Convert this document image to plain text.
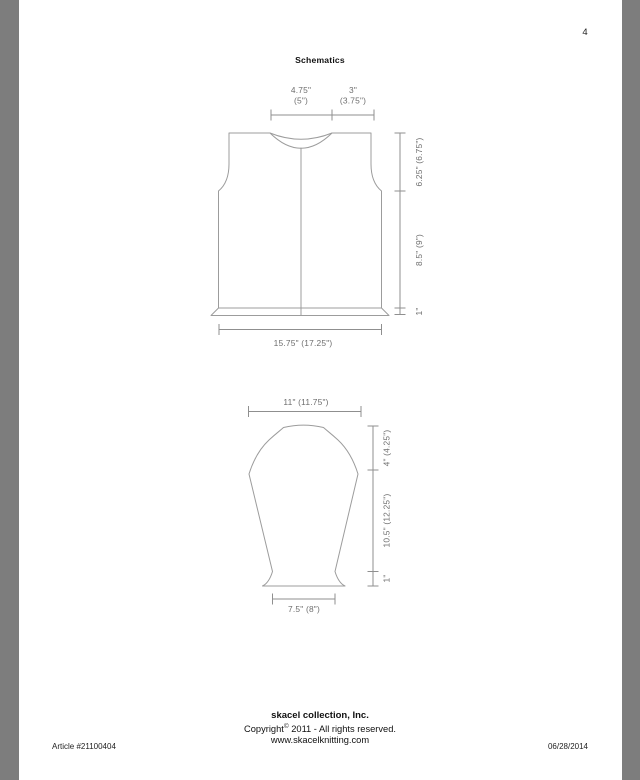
4
Schematics
4.75"
(5")
3"
(3.75")
6.25" (6.75")
8.5" (9")
1"
15.75" (17.25")
11" (11.75")
4" (4.25")
10.5" (12.25")
1"
7.5" (8")
skacel collection, Inc.
Copyright© 2011 - All rights reserved.
www.skacelknitting.com
Article #21100404	06/28/2014
